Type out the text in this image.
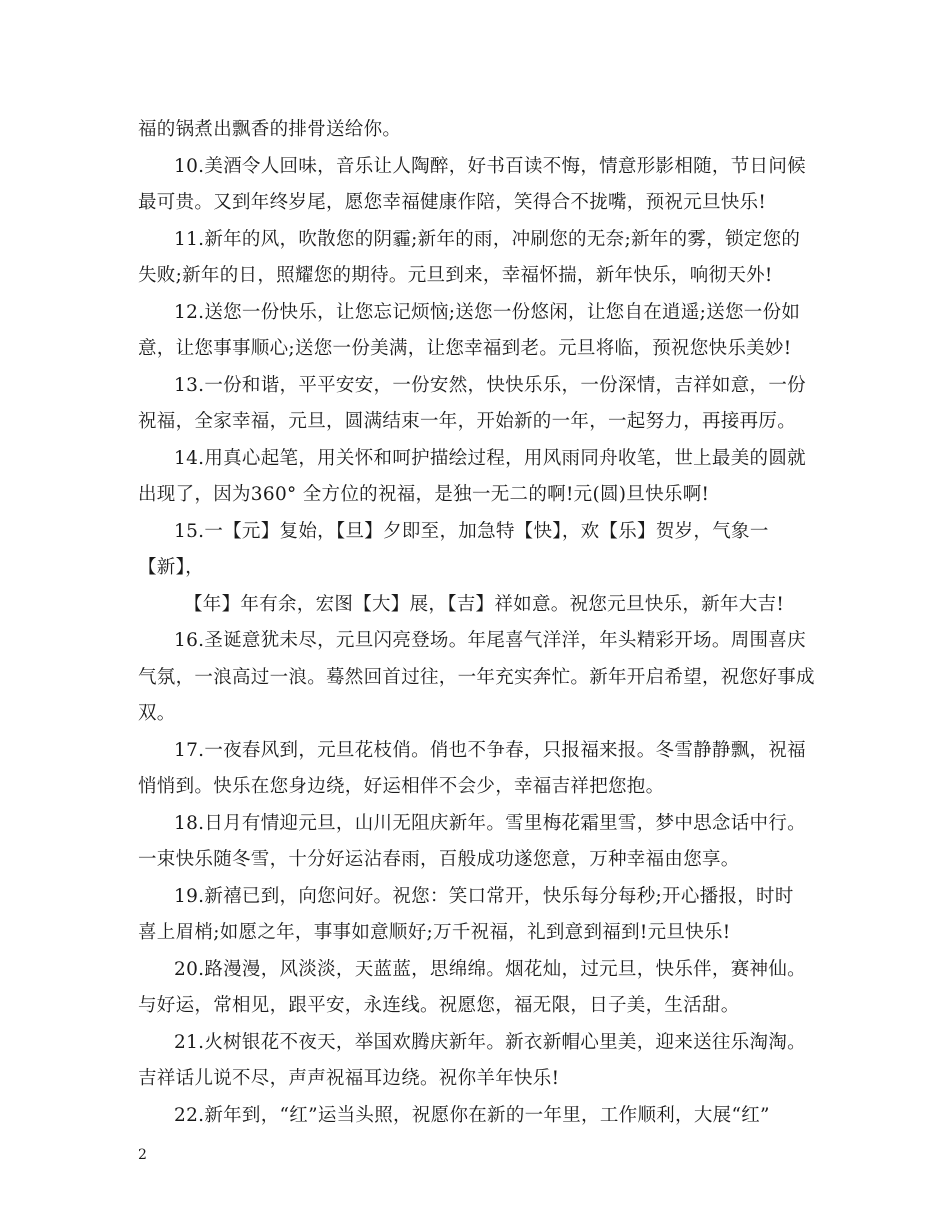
福的锅煮出飘香的排骨送给你。
10.美酒令人回味，音乐让人陶醉，好书百读不悔，情意形影相随，节日问候
最可贵。又到年终岁尾，愿您幸福健康作陪，笑得合不拢嘴，预祝元旦快乐!
11.新年的风，吹散您的阴霾;新年的雨，冲刷您的无奈;新年的雾，锁定您的
失败;新年的日，照耀您的期待。元旦到来，幸福怀揣，新年快乐，响彻天外!
12.送您一份快乐，让您忘记烦恼;送您一份悠闲，让您自在逍遥;送您一份如
意，让您事事顺心;送您一份美满，让您幸福到老。元旦将临，预祝您快乐美妙!
13.一份和谐，平平安安，一份安然，快快乐乐，一份深情，吉祥如意，一份
祝福，全家幸福，元旦，圆满结束一年，开始新的一年，一起努力，再接再厉。
14.用真心起笔，用关怀和呵护描绘过程，用风雨同舟收笔，世上最美的圆就
出现了，因为360° 全方位的祝福，是独一无二的啊!元(圆)旦快乐啊!
15.一【元】复始，【旦】夕即至，加急特【快】，欢【乐】贺岁，气象一
【新】，
【年】年有余，宏图【大】展，【吉】祥如意。祝您元旦快乐，新年大吉!
16.圣诞意犹未尽，元旦闪亮登场。年尾喜气洋洋，年头精彩开场。周围喜庆
气氛，一浪高过一浪。蓦然回首过往，一年充实奔忙。新年开启希望，祝您好事成
双。
17.一夜春风到，元旦花枝俏。俏也不争春，只报福来报。冬雪静静飘，祝福
悄悄到。快乐在您身边绕，好运相伴不会少，幸福吉祥把您抱。
18.日月有情迎元旦，山川无阻庆新年。雪里梅花霜里雪，梦中思念话中行。
一束快乐随冬雪，十分好运沾春雨，百般成功遂您意，万种幸福由您享。
19.新禧已到，向您问好。祝您：笑口常开，快乐每分每秒;开心播报，时时
喜上眉梢;如愿之年，事事如意顺好;万千祝福，礼到意到福到!元旦快乐!
20.路漫漫，风淡淡，天蓝蓝，思绵绵。烟花灿，过元旦，快乐伴，赛神仙。
与好运，常相见，跟平安，永连线。祝愿您，福无限，日子美，生活甜。
21.火树银花不夜天，举国欢腾庆新年。新衣新帽心里美，迎来送往乐淘淘。
吉祥话儿说不尽，声声祝福耳边绕。祝你羊年快乐!
22.新年到，“红”运当头照，祝愿你在新的一年里，工作顺利，大展“红”
2
